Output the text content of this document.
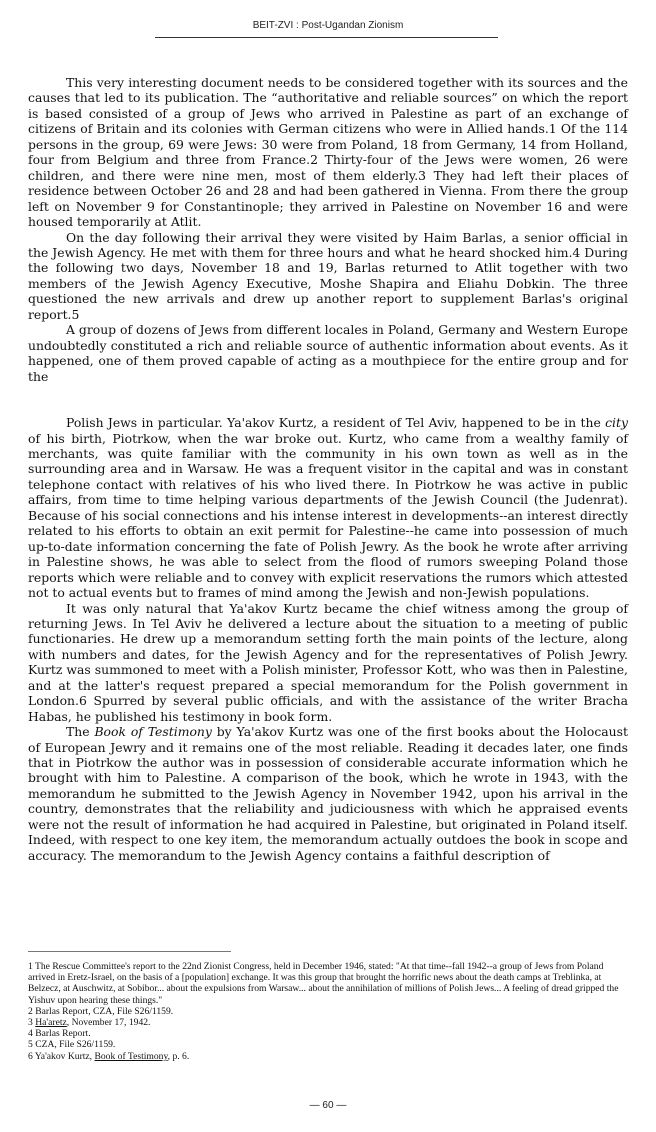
BEIT-ZVI : Post-Ugandan Zionism

This very interesting document needs to be considered together with its sources and the causes that led to its publication. The “authoritative and reliable sources” on which the report is based consisted of a group of Jews who arrived in Palestine as part of an exchange of citizens of Britain and its colonies with German citizens who were in Allied hands.1 Of the 114 persons in the group, 69 were Jews: 30 were from Poland, 18 from Germany, 14 from Holland, four from Belgium and three from France.2 Thirty-four of the Jews were women, 26 were children, and there were nine men, most of them elderly.3 They had left their places of residence between October 26 and 28 and had been gathered in Vienna. From there the group left on November 9 for Constantinople; they arrived in Palestine on November 16 and were housed temporarily at Atlit.

On the day following their arrival they were visited by Haim Barlas, a senior official in the Jewish Agency. He met with them for three hours and what he heard shocked him.4 During the following two days, November 18 and 19, Barlas returned to Atlit together with two members of the Jewish Agency Executive, Moshe Shapira and Eliahu Dobkin. The three questioned the new arrivals and drew up another report to supplement Barlas's original report.5

A group of dozens of Jews from different locales in Poland, Germany and Western Europe undoubtedly constituted a rich and reliable source of authentic information about events. As it happened, one of them proved capable of acting as a mouthpiece for the entire group and for the

Polish Jews in particular. Ya'akov Kurtz, a resident of Tel Aviv, happened to be in the city of his birth, Piotrkow, when the war broke out. Kurtz, who came from a wealthy family of merchants, was quite familiar with the community in his own town as well as in the surrounding area and in Warsaw. He was a frequent visitor in the capital and was in constant telephone contact with relatives of his who lived there. In Piotrkow he was active in public affairs, from time to time helping various departments of the Jewish Council (the Judenrat). Because of his social connections and his intense interest in developments--an interest directly related to his efforts to obtain an exit permit for Palestine--he came into possession of much up-to-date information concerning the fate of Polish Jewry. As the book he wrote after arriving in Palestine shows, he was able to select from the flood of rumors sweeping Poland those reports which were reliable and to convey with explicit reservations the rumors which attested not to actual events but to frames of mind among the Jewish and non-Jewish populations.

It was only natural that Ya'akov Kurtz became the chief witness among the group of returning Jews. In Tel Aviv he delivered a lecture about the situation to a meeting of public functionaries. He drew up a memorandum setting forth the main points of the lecture, along with numbers and dates, for the Jewish Agency and for the representatives of Polish Jewry. Kurtz was summoned to meet with a Polish minister, Professor Kott, who was then in Palestine, and at the latter's request prepared a special memorandum for the Polish government in London.6 Spurred by several public officials, and with the assistance of the writer Bracha Habas, he published his testimony in book form.

The Book of Testimony by Ya'akov Kurtz was one of the first books about the Holocaust of European Jewry and it remains one of the most reliable. Reading it decades later, one finds that in Piotrkow the author was in possession of considerable accurate information which he brought with him to Palestine. A comparison of the book, which he wrote in 1943, with the memorandum he submitted to the Jewish Agency in November 1942, upon his arrival in the country, demonstrates that the reliability and judiciousness with which he appraised events were not the result of information he had acquired in Palestine, but originated in Poland itself. Indeed, with respect to one key item, the memorandum actually outdoes the book in scope and accuracy. The memorandum to the Jewish Agency contains a faithful description of

1 The Rescue Committee's report to the 22nd Zionist Congress, held in December 1946, stated: "At that time--fall 1942--a group of Jews from Poland arrived in Eretz-Israel, on the basis of a [population] exchange. It was this group that brought the horrific news about the death camps at Treblinka, at Belzecz, at Auschwitz, at Sobibor... about the expulsions from Warsaw... about the annihilation of millions of Polish Jews... A feeling of dread gripped the Yishuv upon hearing these things."

2 Barlas Report, CZA, File S26/1159.

3 Ha'aretz, November 17, 1942.

4 Barlas Report.

5 CZA, File S26/1159.

6 Ya'akov Kurtz, Book of Testimony, p. 6.

— 60 —
